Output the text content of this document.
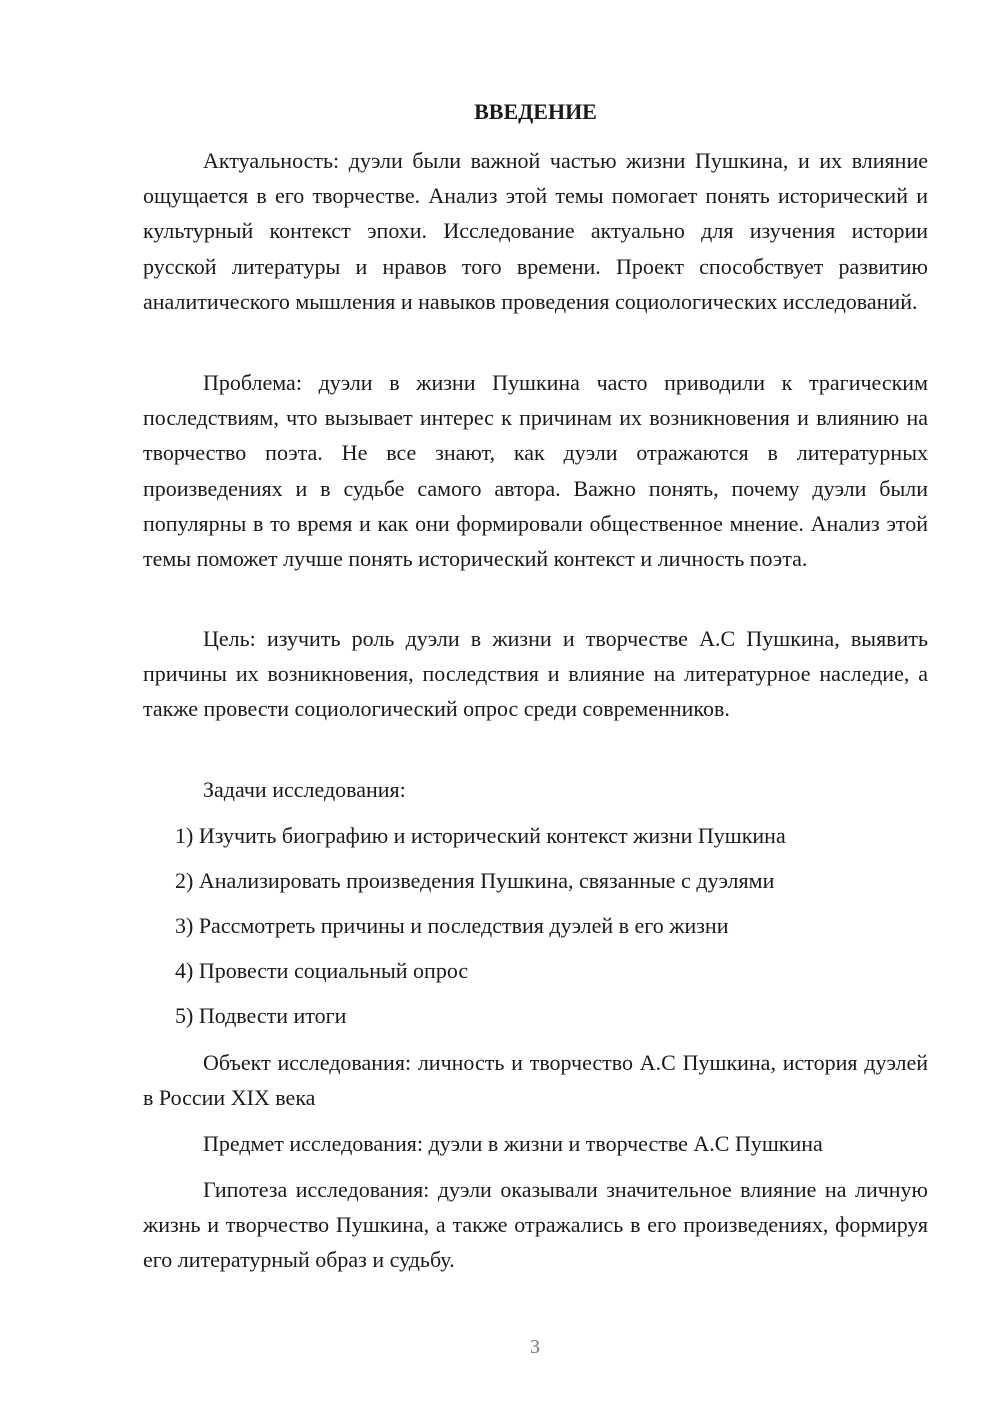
ВВЕДЕНИЕ

Актуальность: дуэли были важной частью жизни Пушкина, и их влияние ощущается в его творчестве. Анализ этой темы помогает понять исторический и культурный контекст эпохи. Исследование актуально для изучения истории русской литературы и нравов того времени. Проект способствует развитию аналитического мышления и навыков проведения социологических исследований.

Проблема: дуэли в жизни Пушкина часто приводили к трагическим последствиям, что вызывает интерес к причинам их возникновения и влиянию на творчество поэта. Не все знают, как дуэли отражаются в литературных произведениях и в судьбе самого автора. Важно понять, почему дуэли были популярны в то время и как они формировали общественное мнение. Анализ этой темы поможет лучше понять исторический контекст и личность поэта.

Цель: изучить роль дуэли в жизни и творчестве А.С Пушкина, выявить причины их возникновения, последствия и влияние на литературное наследие, а также провести социологический опрос среди современников.

Задачи исследования:

1) Изучить биографию и исторический контекст жизни Пушкина

2) Анализировать произведения Пушкина, связанные с дуэлями

3) Рассмотреть причины и последствия дуэлей в его жизни

4) Провести социальный опрос

5) Подвести итоги

Объект исследования: личность и творчество А.С Пушкина, история дуэлей в России XIX века

Предмет исследования: дуэли в жизни и творчестве А.С Пушкина

Гипотеза исследования: дуэли оказывали значительное влияние на личную жизнь и творчество Пушкина, а также отражались в его произведениях, формируя его литературный образ и судьбу.

3
